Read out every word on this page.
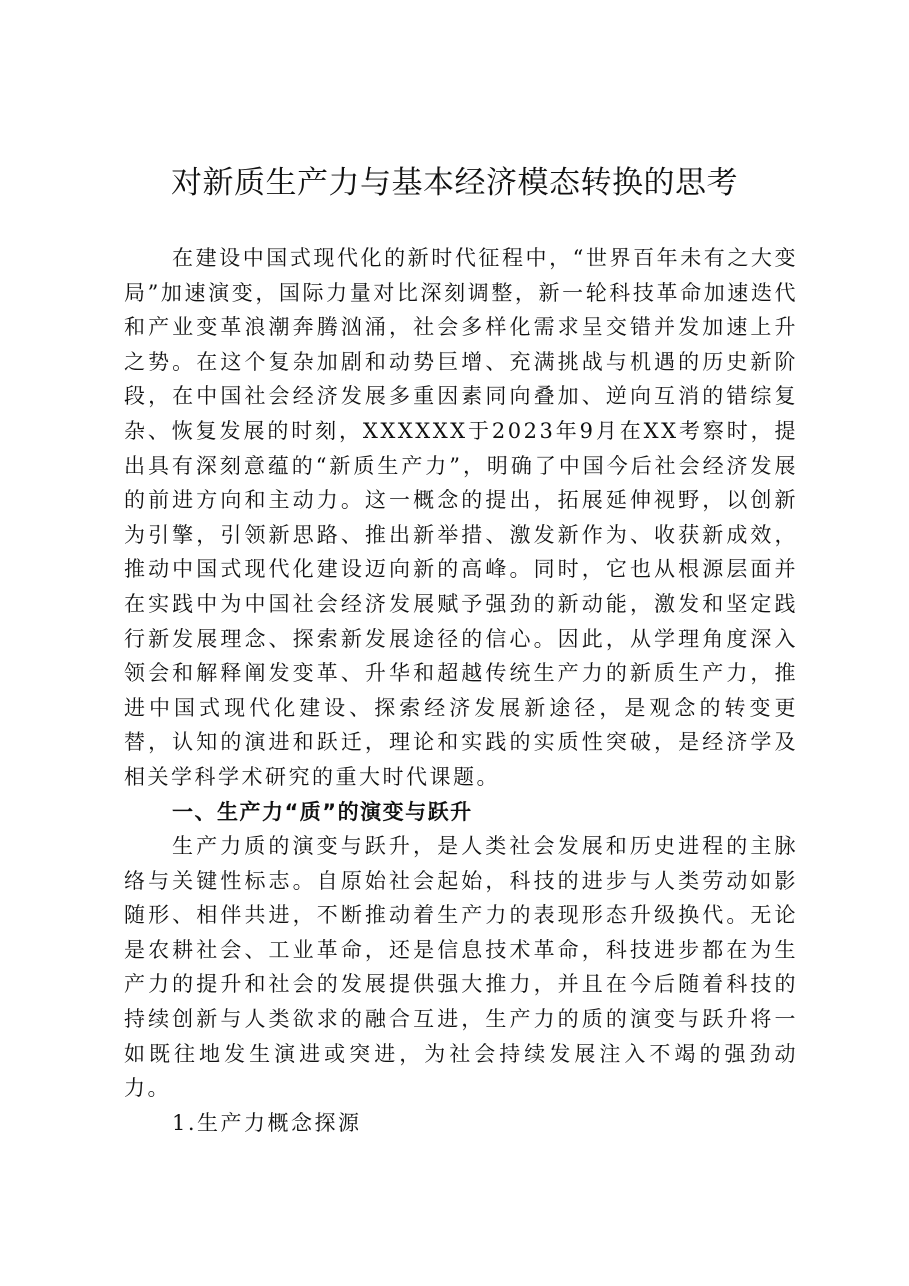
对新质生产力与基本经济模态转换的思考

在建设中国式现代化的新时代征程中，“世界百年未有之大变局”加速演变，国际力量对比深刻调整，新一轮科技革命加速迭代和产业变革浪潮奔腾汹涌，社会多样化需求呈交错并发加速上升之势。在这个复杂加剧和动势巨增、充满挑战与机遇的历史新阶段，在中国社会经济发展多重因素同向叠加、逆向互消的错综复杂、恢复发展的时刻，XXXXXX于2023年9月在XX考察时，提出具有深刻意蕴的“新质生产力”，明确了中国今后社会经济发展的前进方向和主动力。这一概念的提出，拓展延伸视野，以创新为引擎，引领新思路、推出新举措、激发新作为、收获新成效，推动中国式现代化建设迈向新的高峰。同时，它也从根源层面并在实践中为中国社会经济发展赋予强劲的新动能，激发和坚定践行新发展理念、探索新发展途径的信心。因此，从学理角度深入领会和解释阐发变革、升华和超越传统生产力的新质生产力，推进中国式现代化建设、探索经济发展新途径，是观念的转变更替，认知的演进和跃迁，理论和实践的实质性突破，是经济学及相关学科学术研究的重大时代课题。

一、生产力“质”的演变与跃升

生产力质的演变与跃升，是人类社会发展和历史进程的主脉络与关键性标志。自原始社会起始，科技的进步与人类劳动如影随形、相伴共进，不断推动着生产力的表现形态升级换代。无论是农耕社会、工业革命，还是信息技术革命，科技进步都在为生产力的提升和社会的发展提供强大推力，并且在今后随着科技的持续创新与人类欲求的融合互进，生产力的质的演变与跃升将一如既往地发生演进或突进，为社会持续发展注入不竭的强劲动力。

1.生产力概念探源
